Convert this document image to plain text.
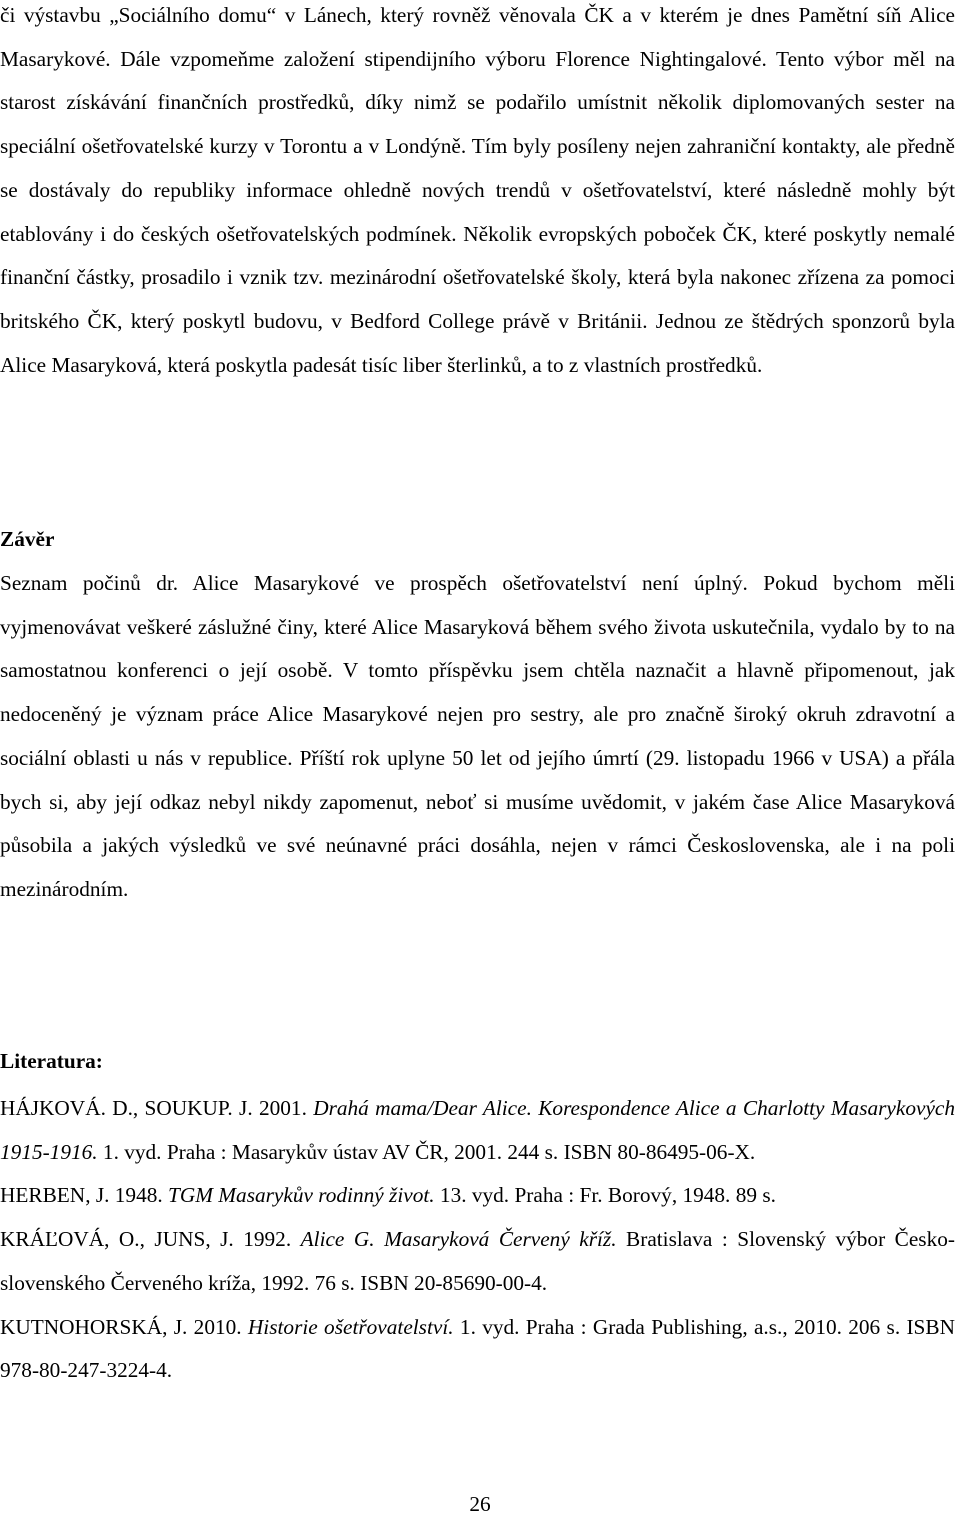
či výstavbu „Sociálního domu“ v Lánech, který rovněž věnovala ČK a v kterém je dnes Pamětní síň Alice Masarykové. Dále vzpomeňme založení stipendijního výboru Florence Nightingalové. Tento výbor měl na starost získávání finančních prostředků, díky nimž se podařilo umístnit několik diplomovaných sester na speciální ošetřovatelské kurzy v Torontu a v Londýně. Tím byly posíleny nejen zahraniční kontakty, ale předně se dostávaly do republiky informace ohledně nových trendů v ošetřovatelství, které následně mohly být etablovány i do českých ošetřovatelských podmínek. Několik evropských poboček ČK, které poskytly nemalé finanční částky, prosadilo i vznik tzv. mezinárodní ošetřovatelské školy, která byla nakonec zřízena za pomoci britského ČK, který poskytl budovu, v Bedford College právě v Británii. Jednou ze štědrých sponzorů byla Alice Masaryková, která poskytla padesát tisíc liber šterlinků, a to z vlastních prostředků.

Závěr

Seznam počinů dr. Alice Masarykové ve prospěch ošetřovatelství není úplný. Pokud bychom měli vyjmenovávat veškeré záslužné činy, které Alice Masaryková během svého života uskutečnila, vydalo by to na samostatnou konferenci o její osobě. V tomto příspěvku jsem chtěla naznačit a hlavně připomenout, jak nedoceněný je význam práce Alice Masarykové nejen pro sestry, ale pro značně široký okruh zdravotní a sociální oblasti u nás v republice. Příští rok uplyne 50 let od jejího úmrtí (29. listopadu 1966 v USA) a přála bych si, aby její odkaz nebyl nikdy zapomenut, neboť si musíme uvědomit, v jakém čase Alice Masaryková působila a jakých výsledků ve své neúnavné práci dosáhla, nejen v rámci Československa, ale i na poli mezinárodním.

Literatura:

HÁJKOVÁ. D., SOUKUP. J. 2001. Drahá mama/Dear Alice. Korespondence Alice a Charlotty Masarykových 1915-1916. 1. vyd. Praha : Masarykův ústav AV ČR, 2001. 244 s. ISBN 80-86495-06-X.

HERBEN, J. 1948. TGM Masarykův rodinný život. 13. vyd. Praha : Fr. Borový, 1948. 89 s.

KRÁĽOVÁ, O., JUNS, J. 1992. Alice G. Masaryková Červený kříž. Bratislava : Slovenský výbor Česko-slovenského Červeného kríža, 1992. 76 s. ISBN 20-85690-00-4.

KUTNOHORSKÁ, J. 2010. Historie ošetřovatelství. 1. vyd. Praha : Grada Publishing, a.s., 2010. 206 s. ISBN 978-80-247-3224-4.

26
